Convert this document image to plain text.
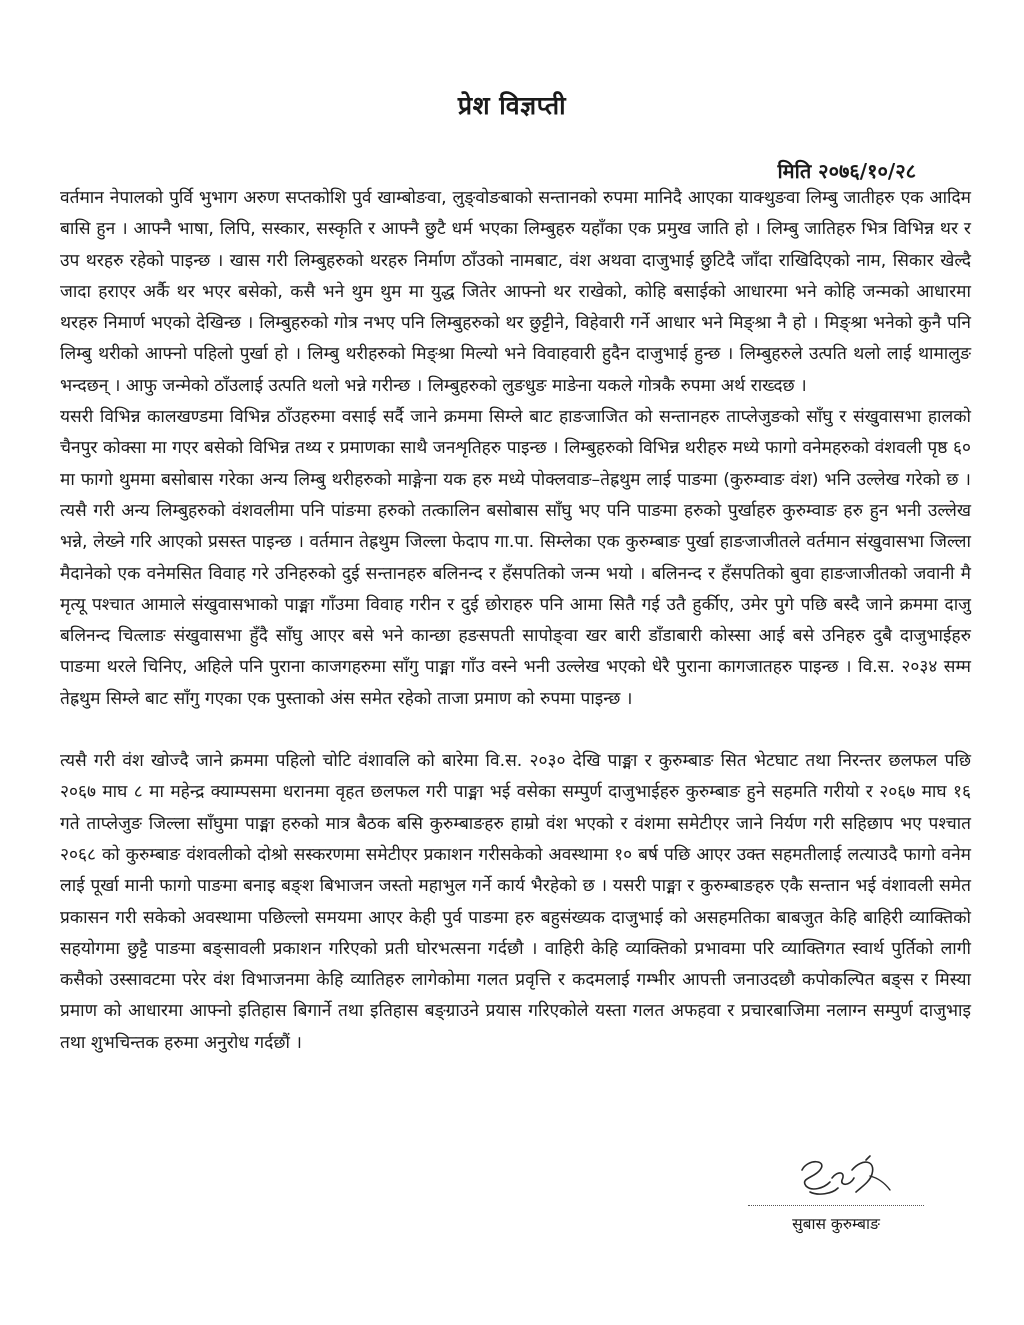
प्रेश विज्ञप्ती
मिति २०७६/१०/२८

वर्तमान नेपालको पुर्वि भुभाग अरुण सप्तकोशि पुर्व खाम्बोङवा, लुङ्वोङबाको सन्तानको रुपमा मानिदै आएका याक्थुङवा लिम्बु जातीहरु एक आदिम बासि हुन । आफ्नै भाषा, लिपि, सस्कार, सस्कृति र आफ्नै छुटै धर्म भएका लिम्बुहरु यहाँका एक प्रमुख जाति हो । लिम्बु जातिहरु भित्र विभिन्न थर र उप थरहरु रहेको पाइन्छ । खास गरी लिम्बुहरुको थरहरु निर्माण ठाँउको नामबाट, वंश अथवा दाजुभाई छुटिदै जाँदा राखिदिएको नाम, सिकार खेल्दै जादा हराएर अर्कै थर भएर बसेको, कसै भने थुम थुम मा युद्ध जितेर आफ्नो थर राखेको, कोहि बसाईको आधारमा भने कोहि जन्मको आधारमा थरहरु निमार्ण भएको देखिन्छ । लिम्बुहरुको गोत्र नभए पनि लिम्बुहरुको थर छुट्टीने, विहेवारी गर्ने आधार भने मिङ्श्रा नै हो । मिङ्श्रा भनेको कुनै पनि लिम्बु थरीको आफ्नो पहिलो पुर्खा हो । लिम्बु थरीहरुको मिङ्श्रा मिल्यो भने विवाहवारी हुदैन दाजुभाई हुन्छ । लिम्बुहरुले उत्पति थलो लाई थामालुङ भन्दछन् । आफु जन्मेको ठाँउलाई उत्पति थलो भन्ने गरीन्छ । लिम्बुहरुको लुङधुङ माङेना यकले गोत्रकै रुपमा अर्थ राख्दछ ।

यसरी विभिन्न कालखण्डमा विभिन्न ठाँउहरुमा वसाई सर्दै जाने क्रममा सिम्ले बाट हाङजाजित को सन्तानहरु ताप्लेजुङको साँघु र संखुवासभा हालको चैनपुर कोक्सा मा गएर बसेको विभिन्न तथ्य र प्रमाणका साथै जनशृतिहरु पाइन्छ । लिम्बुहरुको विभिन्न थरीहरु मध्ये फागो वनेमहरुको वंशवली पृष्ठ ६० मा फागो थुममा बसोबास गरेका अन्य लिम्बु थरीहरुको माङ्गेना यक हरु मध्ये पोक्लवाङ–तेह्रथुम लाई पाङमा (कुरुम्वाङ वंश) भनि उल्लेख गरेको छ । त्यसै गरी अन्य लिम्बुहरुको वंशवलीमा पनि पांङमा हरुको तत्कालिन बसोबास साँघु भए पनि पाङमा हरुको पुर्खाहरु कुरुम्वाङ हरु हुन भनी उल्लेख भन्ने, लेख्ने गरि आएको प्रसस्त पाइन्छ । वर्तमान तेह्रथुम जिल्ला फेदाप गा.पा. सिम्लेका एक कुरुम्बाङ पुर्खा हाङजाजीतले वर्तमान संखुवासभा जिल्ला मैदानेको एक वनेमसित विवाह गरे उनिहरुको दुई सन्तानहरु बलिनन्द र हँसपतिको जन्म भयो । बलिनन्द र हँसपतिको बुवा हाङजाजीतको जवानी मै मृत्यू पश्चात आमाले संखुवासभाको पाङ्मा गाँउमा विवाह गरीन र दुई छोराहरु पनि आमा सितै गई उतै हुर्कीए, उमेर पुगे पछि बस्दै जाने क्रममा दाजु बलिनन्द चित्लाङ संखुवासभा हुँदै साँघु आएर बसे भने कान्छा हङसपती सापोङ्वा खर बारी डाँडाबारी कोस्सा आई बसे उनिहरु दुबै दाजुभाईहरु पाङमा थरले चिनिए, अहिले पनि पुराना काजगहरुमा साँगु पाङ्मा गाँउ वस्ने भनी उल्लेख भएको धेरै पुराना कागजातहरु पाइन्छ । वि.स. २०३४ सम्म तेह्रथुम सिम्ले बाट साँगु गएका एक पुस्ताको अंस समेत रहेको ताजा प्रमाण को रुपमा पाइन्छ ।

त्यसै गरी वंश खोज्दै जाने क्रममा पहिलो चोटि वंशावलि को बारेमा वि.स. २०३० देखि पाङ्मा र कुरुम्बाङ सित भेटघाट तथा निरन्तर छलफल पछि २०६७ माघ ८ मा महेन्द्र क्याम्पसमा धरानमा वृहत छलफल गरी पाङ्मा भई वसेका सम्पुर्ण दाजुभाईहरु कुरुम्बाङ हुने सहमति गरीयो र २०६७ माघ १६ गते ताप्लेजुङ जिल्ला साँघुमा पाङ्मा हरुको मात्र बैठक बसि कुरुम्बाङहरु हाम्रो वंश भएको र वंशमा समेटीएर जाने निर्यण गरी सहिछाप भए पश्चात २०६८ को कुरुम्बाङ वंशवलीको दोश्रो सस्करणमा समेटीएर प्रकाशन गरीसकेको अवस्थामा १० बर्ष पछि आएर उक्त सहमतीलाई लत्याउदै फागो वनेम लाई पूर्खा मानी फागो पाङमा बनाइ बङ्श बिभाजन जस्तो महाभुल गर्ने कार्य भैरहेको छ । यसरी पाङ्मा र कुरुम्बाङहरु एकै सन्तान भई वंशावली समेत प्रकासन गरी सकेको अवस्थामा पछिल्लो समयमा आएर केही पुर्व पाङमा हरु बहुसंख्यक दाजुभाई को असहमतिका बाबजुत केहि बाहिरी व्याक्तिको सहयोगमा छुट्टै पाङमा बङ्सावली प्रकाशन गरिएको प्रती घोरभत्सना गर्दछौ । वाहिरी केहि व्याक्तिको प्रभावमा परि व्याक्तिगत स्वार्थ पुर्तिको लागी कसैको उस्सावटमा परेर वंश विभाजनमा केहि व्यातिहरु लागेकोमा गलत प्रवृत्ति र कदमलाई गम्भीर आपत्ती जनाउदछौ कपोकल्पित बङ्स र मिस्या प्रमाण को आधारमा आफ्नो इतिहास बिगार्ने तथा इतिहास बङ्ग्राउने प्रयास गरिएकोले यस्ता गलत अफहवा र प्रचारबाजिमा नलाग्न सम्पुर्ण दाजुभाइ तथा शुभचिन्तक हरुमा अनुरोध गर्दछौं ।

सुबास कुरुम्बाङ
